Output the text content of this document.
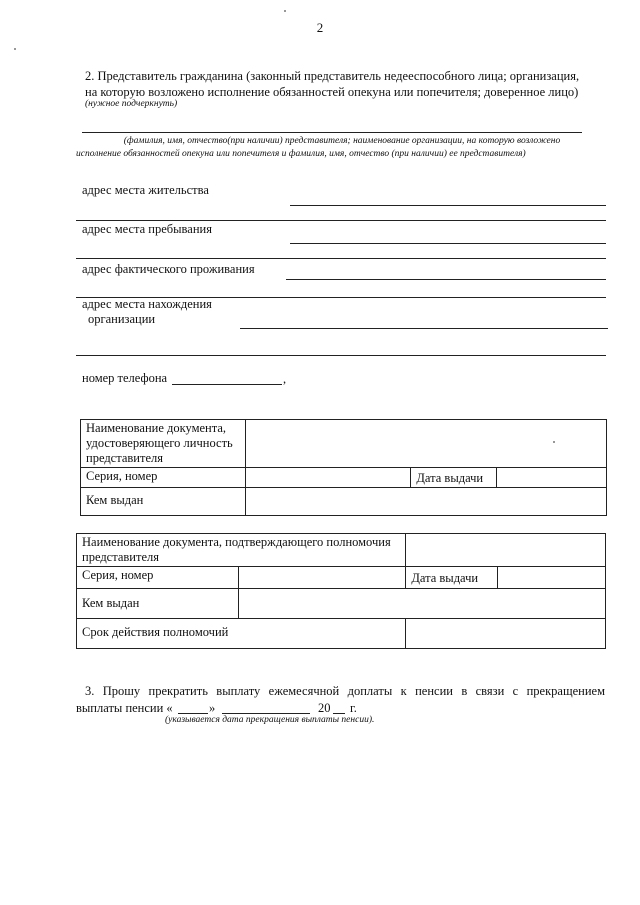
2
2. Представитель гражданина (законный представитель недееспособного лица; организация,
на которую возложено исполнение обязанностей опекуна или попечителя; доверенное лицо)
(нужное подчеркнуть)
(фамилия, имя, отчество(при наличии) представителя; наименование организации, на которую возложено
исполнение обязанностей опекуна или попечителя и фамилия, имя, отчество (при наличии) ее представителя)
адрес места жительства
адрес места пребывания
адрес фактического проживания
адрес места нахождения
организации
номер телефона	,
Наименование документа, удостоверяющего личность представителя			
Серия, номер		Дата выдачи	
Кем выдан			
Наименование документа, подтверждающего полномочия представителя			
Серия, номер		Дата выдачи	
Кем выдан			
Срок действия полномочий			
3. Прошу прекратить выплату ежемесячной доплаты к пенсии в связи с прекращением
выплаты пенсии «	»	20 г.
(указывается дата прекращения выплаты пенсии).
